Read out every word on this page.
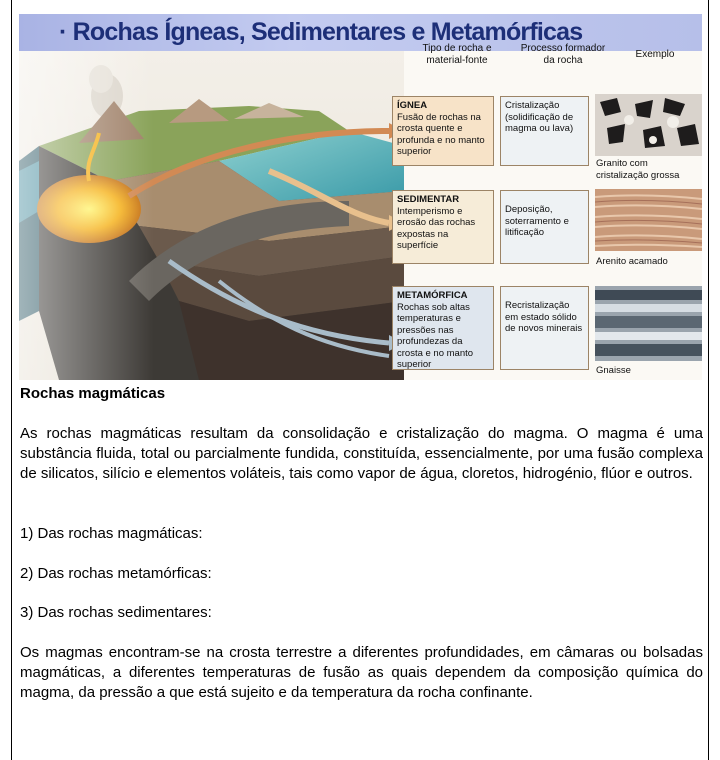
· Rochas Ígneas, Sedimentares e Metamórficas
Tipo de rocha e material-fonte
Processo formador da rocha
Exemplo
ÍGNEA
Fusão de rochas na crosta quente e profunda e no manto superior
Cristalização (solidificação de magma ou lava)
Granito com cristalização grossa
SEDIMENTAR
Intemperismo e erosão das rochas expostas na superfície
Deposição, soterramento e litificação
Arenito acamado
METAMÓRFICA
Rochas sob altas temperaturas e pressões nas profundezas da crosta e no manto superior
Recristalização em estado sólido de novos minerais
Gnaisse
Rochas magmáticas
As rochas magmáticas resultam da consolidação e cristalização do magma. O magma é uma substância fluida, total ou parcialmente fundida, constituída, essencialmente, por uma fusão complexa de silicatos, silício e elementos voláteis, tais como vapor de água, cloretos, hidrogénio, flúor e outros.
1) Das rochas magmáticas:
2) Das rochas metamórficas:
3) Das rochas sedimentares:
Os magmas encontram-se na crosta terrestre a diferentes profundidades, em câmaras ou bolsadas magmáticas, a diferentes temperaturas de fusão as quais dependem da composição química do magma, da pressão a que está sujeito e da temperatura da rocha confinante.
